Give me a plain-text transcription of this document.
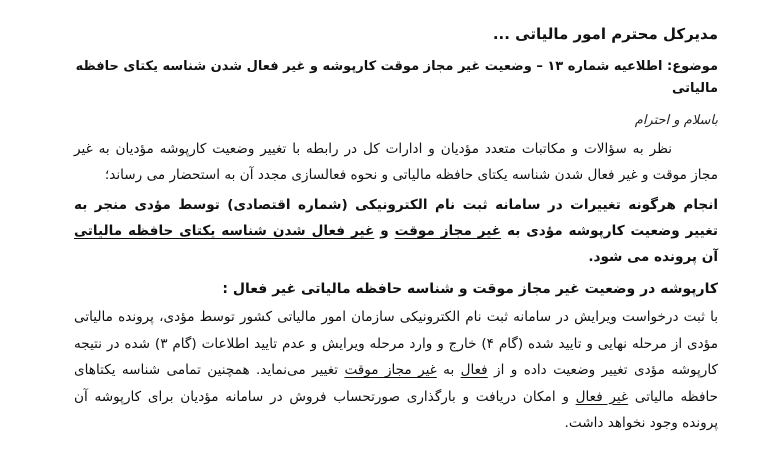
مدیرکل محترم امور مالیاتی ...
موضوع: اطلاعیه شماره ۱۳ – وضعیت غیر مجاز موقت کارپوشه و غیر فعال شدن شناسه یکتای حافظه مالیاتی
باسلام و احترام

نظر به سؤالات و مکاتبات متعدد مؤدیان و ادارات کل در رابطه با تغییر وضعیت کارپوشه مؤدیان به غیر مجاز موقت و غیر فعال شدن شناسه یکتای حافظه مالیاتی و نحوه فعالسازی مجدد آن به استحضار می رساند؛

انجام هرگونه تغییرات در سامانه ثبت نام الکترونیکی (شماره اقتصادی) توسط مؤدی منجر به تغییر وضعیت کارپوشه مؤدی به غیر مجاز موقت و غیر فعال شدن شناسه یکتای حافظه مالیاتی آن پرونده می شود.

کارپوشه در وضعیت غیر مجاز موقت و شناسه حافظه مالیاتی غیر فعال :

با ثبت درخواست ویرایش در سامانه ثبت نام الکترونیکی سازمان امور مالیاتی کشور توسط مؤدی، پرونده مالیاتی مؤدی از مرحله نهایی و تایید شده (گام ۴) خارج و وارد مرحله ویرایش و عدم تایید اطلاعات (گام ۳) شده در نتیجه کارپوشه مؤدی تغییر وضعیت داده و از فعال به غیر مجاز موقت تغییر می‌نماید. همچنین تمامی شناسه یکتاهای حافظه مالیاتی غیر فعال و امکان دریافت و بارگذاری صورتحساب فروش در سامانه مؤدیان برای کارپوشه آن پرونده وجود نخواهد داشت.
